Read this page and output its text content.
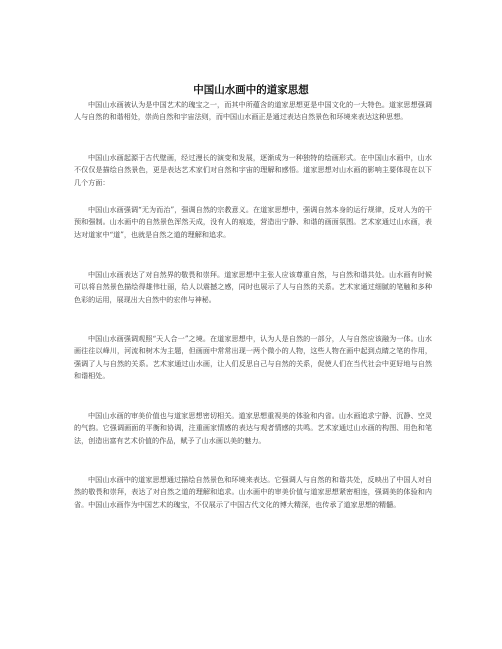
中国山水画中的道家思想

中国山水画被认为是中国艺术的瑰宝之一，而其中所蕴含的道家思想更是中国文化的一大特色。道家思想强调人与自然的和谐相处，崇尚自然和宇宙法则，而中国山水画正是通过表达自然景色和环境来表达这种思想。

中国山水画起源于古代壁画，经过漫长的演变和发展，逐渐成为一种独特的绘画形式。在中国山水画中，山水不仅仅是描绘自然景色，更是表达艺术家们对自然和宇宙的理解和感悟。道家思想对山水画的影响主要体现在以下几个方面：

中国山水画强调“无为而治”，强调自然的宗教意义。在道家思想中，强调自然本身的运行规律，反对人为的干预和强制。山水画中的自然景色浑然天成，没有人的痕迹，营造出宁静、和谐的画面氛围。艺术家通过山水画，表达对道家中“道”，也就是自然之道的理解和追求。

中国山水画表达了对自然界的敬畏和崇拜。道家思想中主张人应该尊重自然，与自然和谐共处。山水画有时候可以将自然景色描绘得雄伟壮丽，给人以震撼之感，同时也展示了人与自然的关系。艺术家通过细腻的笔触和多种色彩的运用，展现出大自然中的宏伟与神秘。

中国山水画强调观照“天人合一”之境。在道家思想中，认为人是自然的一部分，人与自然应该融为一体。山水画往往以峰川，河流和树木为主题，但画面中常常出现一两个微小的人物，这些人物在画中起到点睛之笔的作用，强调了人与自然的关系。艺术家通过山水画，让人们反思自己与自然的关系，促使人们在当代社会中更好地与自然和谐相处。

中国山水画的审美价值也与道家思想密切相关。道家思想重视美的体验和内省。山水画追求宁静、沉静、空灵的气韵。它强调画面的平衡和协调，注重画家情感的表达与观者情感的共鸣。艺术家通过山水画的构图、用色和笔法，创造出富有艺术价值的作品，赋予了山水画以美的魅力。

中国山水画中的道家思想通过描绘自然景色和环境来表达。它强调人与自然的和谐共处，反映出了中国人对自然的敬畏和崇拜，表达了对自然之道的理解和追求。山水画中的审美价值与道家思想紧密相连，强调美的体验和内省。中国山水画作为中国艺术的瑰宝，不仅展示了中国古代文化的博大精深，也传承了道家思想的精髓。
